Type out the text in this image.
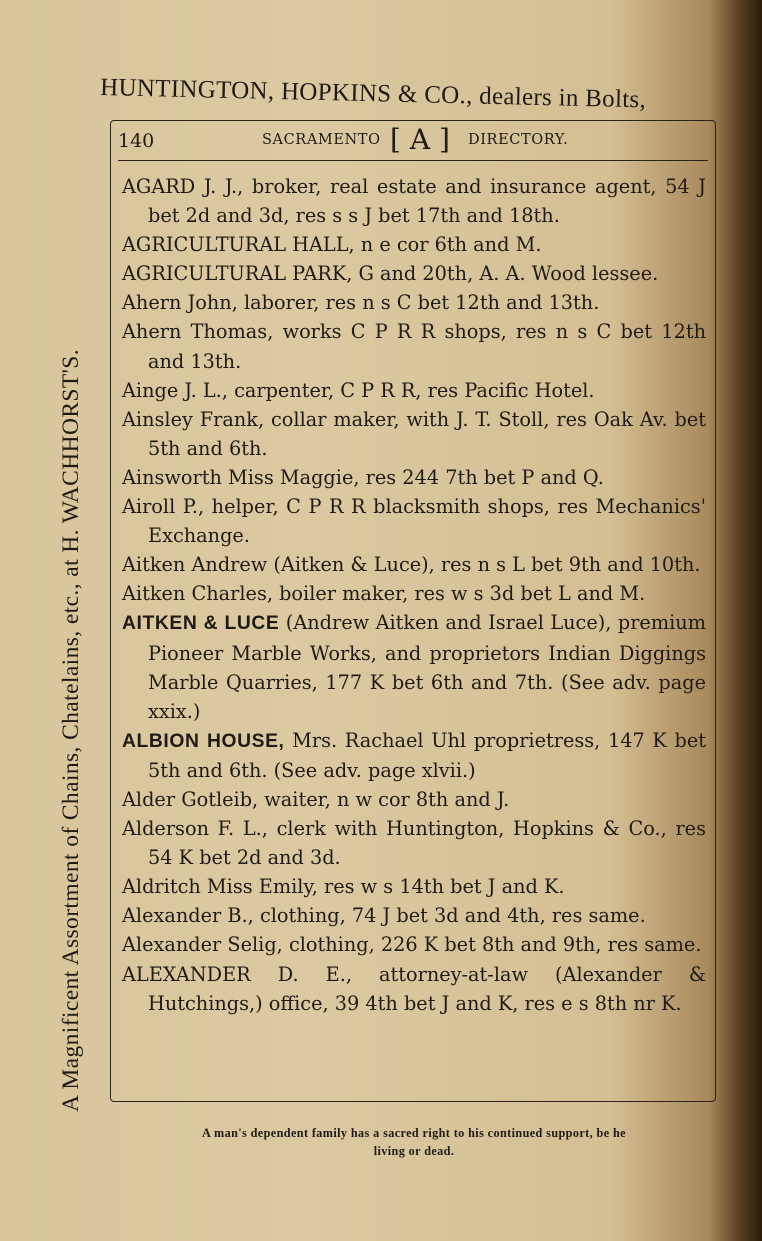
HUNTINGTON, HOPKINS & CO., dealers in Bolts,
A Magnificent Assortment of Chains, Chatelains, etc., at H. WACHHORST'S.
140	SACRAMENTO [ A ] DIRECTORY.
AGARD J. J., broker, real estate and insurance agent, 54 J bet 2d and 3d, res s s J bet 17th and 18th.
AGRICULTURAL HALL, n e cor 6th and M.
AGRICULTURAL PARK, G and 20th, A. A. Wood lessee.
Ahern John, laborer, res n s C bet 12th and 13th.
Ahern Thomas, works C P R R shops, res n s C bet 12th and 13th.
Ainge J. L., carpenter, C P R R, res Pacific Hotel.
Ainsley Frank, collar maker, with J. T. Stoll, res Oak Av. bet 5th and 6th.
Ainsworth Miss Maggie, res 244 7th bet P and Q.
Airoll P., helper, C P R R blacksmith shops, res Mechanics' Exchange.
Aitken Andrew (Aitken & Luce), res n s L bet 9th and 10th.
Aitken Charles, boiler maker, res w s 3d bet L and M.
AITKEN & LUCE (Andrew Aitken and Israel Luce), premium Pioneer Marble Works, and proprietors Indian Diggings Marble Quarries, 177 K bet 6th and 7th. (See adv. page xxix.)
ALBION HOUSE, Mrs. Rachael Uhl proprietress, 147 K bet 5th and 6th. (See adv. page xlvii.)
Alder Gotleib, waiter, n w cor 8th and J.
Alderson F. L., clerk with Huntington, Hopkins & Co., res 54 K bet 2d and 3d.
Aldritch Miss Emily, res w s 14th bet J and K.
Alexander B., clothing, 74 J bet 3d and 4th, res same.
Alexander Selig, clothing, 226 K bet 8th and 9th, res same.
ALEXANDER D. E., attorney-at-law (Alexander & Hutchings,) office, 39 4th bet J and K, res e s 8th nr K.
A man's dependent family has a sacred right to his continued support, be he
living or dead.
